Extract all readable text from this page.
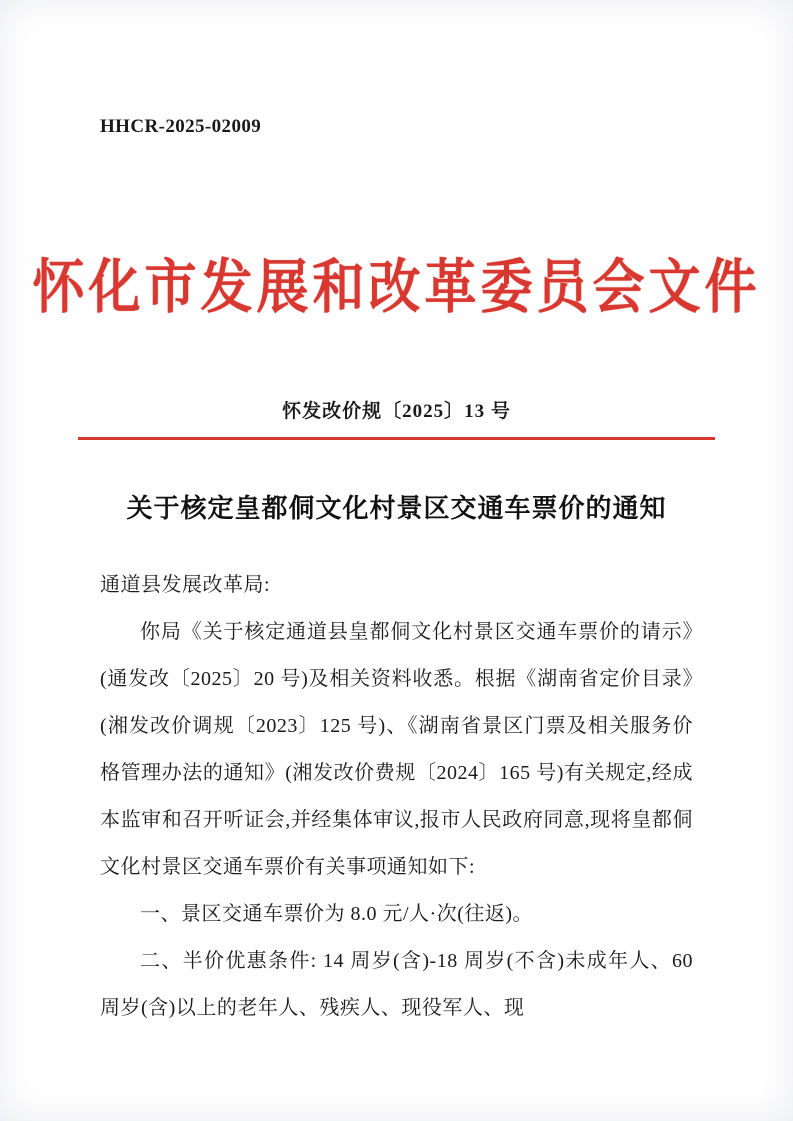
HHCR-2025-02009
怀化市发展和改革委员会文件
怀发改价规〔2025〕13 号
关于核定皇都侗文化村景区交通车票价的通知

通道县发展改革局:

你局《关于核定通道县皇都侗文化村景区交通车票价的请示》(通发改〔2025〕20 号)及相关资料收悉。根据《湖南省定价目录》(湘发改价调规〔2023〕125 号)、《湖南省景区门票及相关服务价格管理办法的通知》(湘发改价费规〔2024〕165 号)有关规定,经成本监审和召开听证会,并经集体审议,报市人民政府同意,现将皇都侗文化村景区交通车票价有关事项通知如下:

一、景区交通车票价为 8.0 元/人·次(往返)。

二、半价优惠条件: 14 周岁(含)-18 周岁(不含)未成年人、60 周岁(含)以上的老年人、残疾人、现役军人、现
